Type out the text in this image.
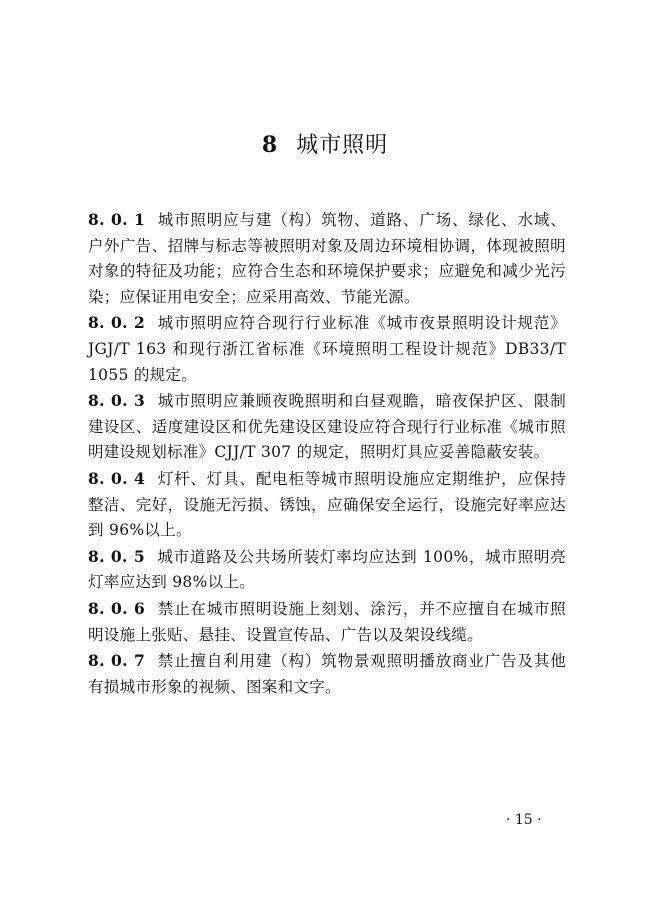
8 城市照明

8. 0. 1 城市照明应与建（构）筑物、道路、广场、绿化、水域、户外广告、招牌与标志等被照明对象及周边环境相协调，体现被照明对象的特征及功能；应符合生态和环境保护要求；应避免和减少光污染；应保证用电安全；应采用高效、节能光源。

8. 0. 2 城市照明应符合现行行业标准《城市夜景照明设计规范》JGJ/T 163 和现行浙江省标准《环境照明工程设计规范》DB33/T 1055 的规定。

8. 0. 3 城市照明应兼顾夜晚照明和白昼观瞻，暗夜保护区、限制建设区、适度建设区和优先建设区建设应符合现行行业标准《城市照明建设规划标准》CJJ/T 307 的规定，照明灯具应妥善隐蔽安装。

8. 0. 4 灯杆、灯具、配电柜等城市照明设施应定期维护，应保持整洁、完好，设施无污损、锈蚀，应确保安全运行，设施完好率应达到 96%以上。

8. 0. 5 城市道路及公共场所装灯率均应达到 100%，城市照明亮灯率应达到 98%以上。

8. 0. 6 禁止在城市照明设施上刻划、涂污，并不应擅自在城市照明设施上张贴、悬挂、设置宣传品、广告以及架设线缆。

8. 0. 7 禁止擅自利用建（构）筑物景观照明播放商业广告及其他有损城市形象的视频、图案和文字。

· 15 ·
